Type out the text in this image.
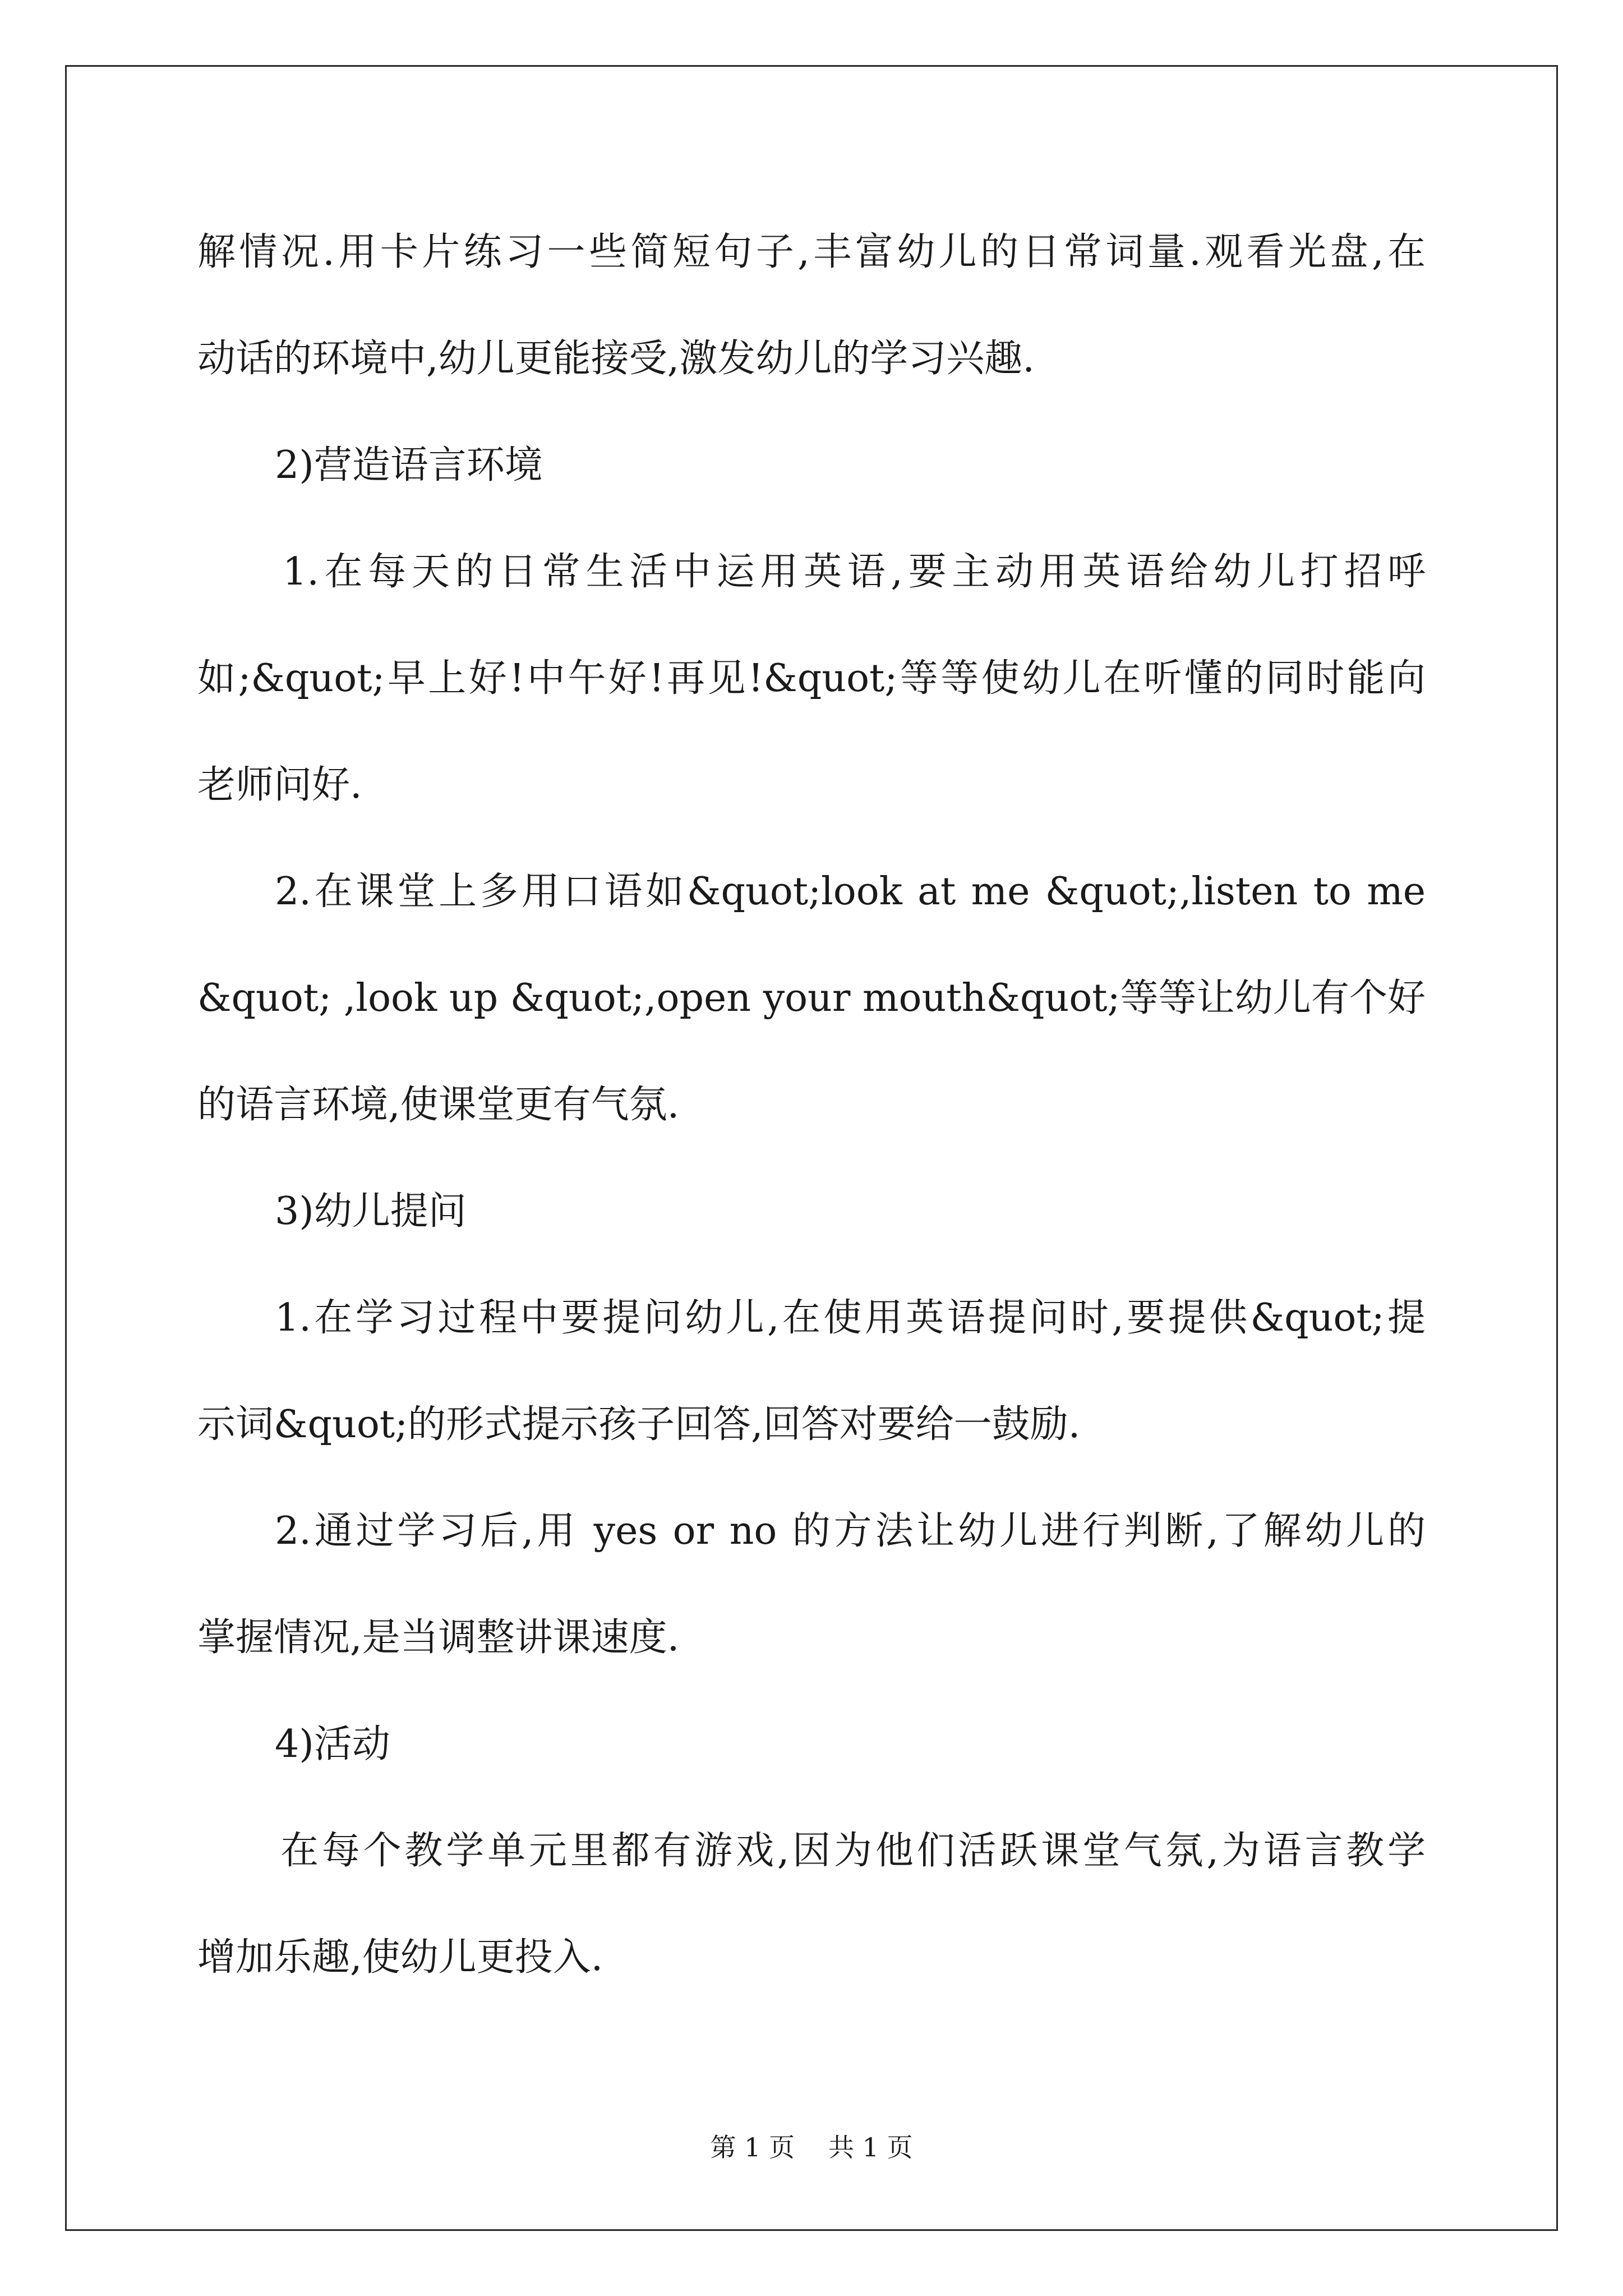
解情况.用卡片练习一些简短句子,丰富幼儿的日常词量.观看光盘,在

动话的环境中,幼儿更能接受,激发幼儿的学习兴趣.

2)营造语言环境

1.在每天的日常生活中运用英语,要主动用英语给幼儿打招呼

如;&quot;早上好!中午好!再见!&quot;等等使幼儿在听懂的同时能向

老师问好.

2.在课堂上多用口语如&quot;look at me &quot;,listen to me

&quot; ,look up &quot;,open your mouth&quot;等等让幼儿有个好

的语言环境,使课堂更有气氛.

3)幼儿提问

1.在学习过程中要提问幼儿,在使用英语提问时,要提供&quot;提

示词&quot;的形式提示孩子回答,回答对要给一鼓励.

2.通过学习后,用 yes or no 的方法让幼儿进行判断,了解幼儿的

掌握情况,是当调整讲课速度.

4)活动

在每个教学单元里都有游戏,因为他们活跃课堂气氛,为语言教学

增加乐趣,使幼儿更投入.

第 1 页 共 1 页
